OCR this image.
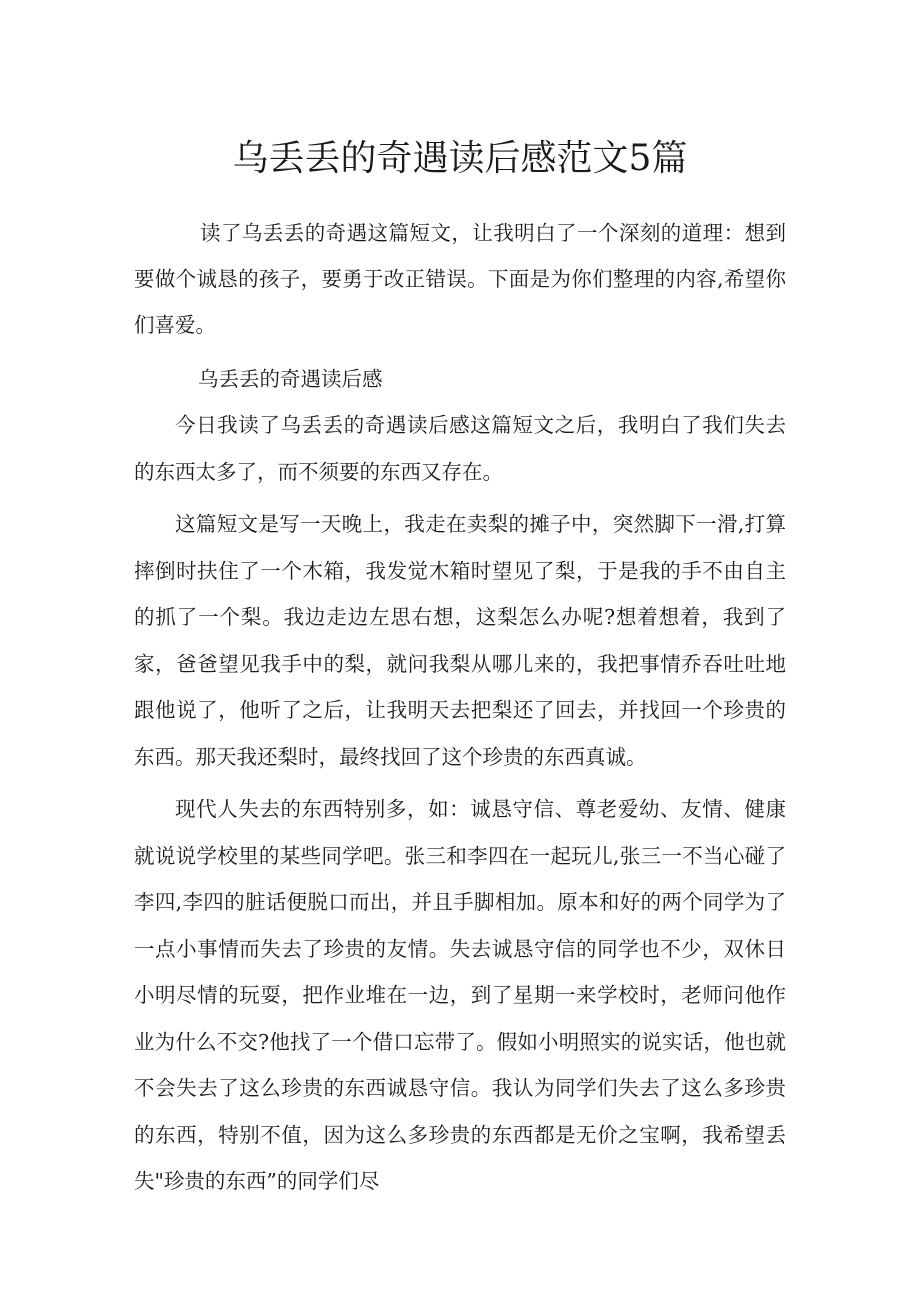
乌丢丢的奇遇读后感范文5篇

读了乌丢丢的奇遇这篇短文，让我明白了一个深刻的道理：想到要做个诚恳的孩子，要勇于改正错误。下面是为你们整理的内容,希望你们喜爱。

乌丢丢的奇遇读后感

今日我读了乌丢丢的奇遇读后感这篇短文之后，我明白了我们失去的东西太多了，而不须要的东西又存在。

这篇短文是写一天晚上，我走在卖梨的摊子中，突然脚下一滑,打算摔倒时扶住了一个木箱，我发觉木箱时望见了梨，于是我的手不由自主的抓了一个梨。我边走边左思右想，这梨怎么办呢?想着想着，我到了家，爸爸望见我手中的梨，就问我梨从哪儿来的，我把事情乔吞吐吐地跟他说了，他听了之后，让我明天去把梨还了回去，并找回一个珍贵的东西。那天我还梨时，最终找回了这个珍贵的东西真诚。

现代人失去的东西特别多，如：诚恳守信、尊老爱幼、友情、健康就说说学校里的某些同学吧。张三和李四在一起玩儿,张三一不当心碰了李四,李四的脏话便脱口而出，并且手脚相加。原本和好的两个同学为了一点小事情而失去了珍贵的友情。失去诚恳守信的同学也不少，双休日小明尽情的玩耍，把作业堆在一边，到了星期一来学校时，老师问他作业为什么不交?他找了一个借口忘带了。假如小明照实的说实话，他也就不会失去了这么珍贵的东西诚恳守信。我认为同学们失去了这么多珍贵的东西，特别不值，因为这么多珍贵的东西都是无价之宝啊，我希望丢失"珍贵的东西”的同学们尽
